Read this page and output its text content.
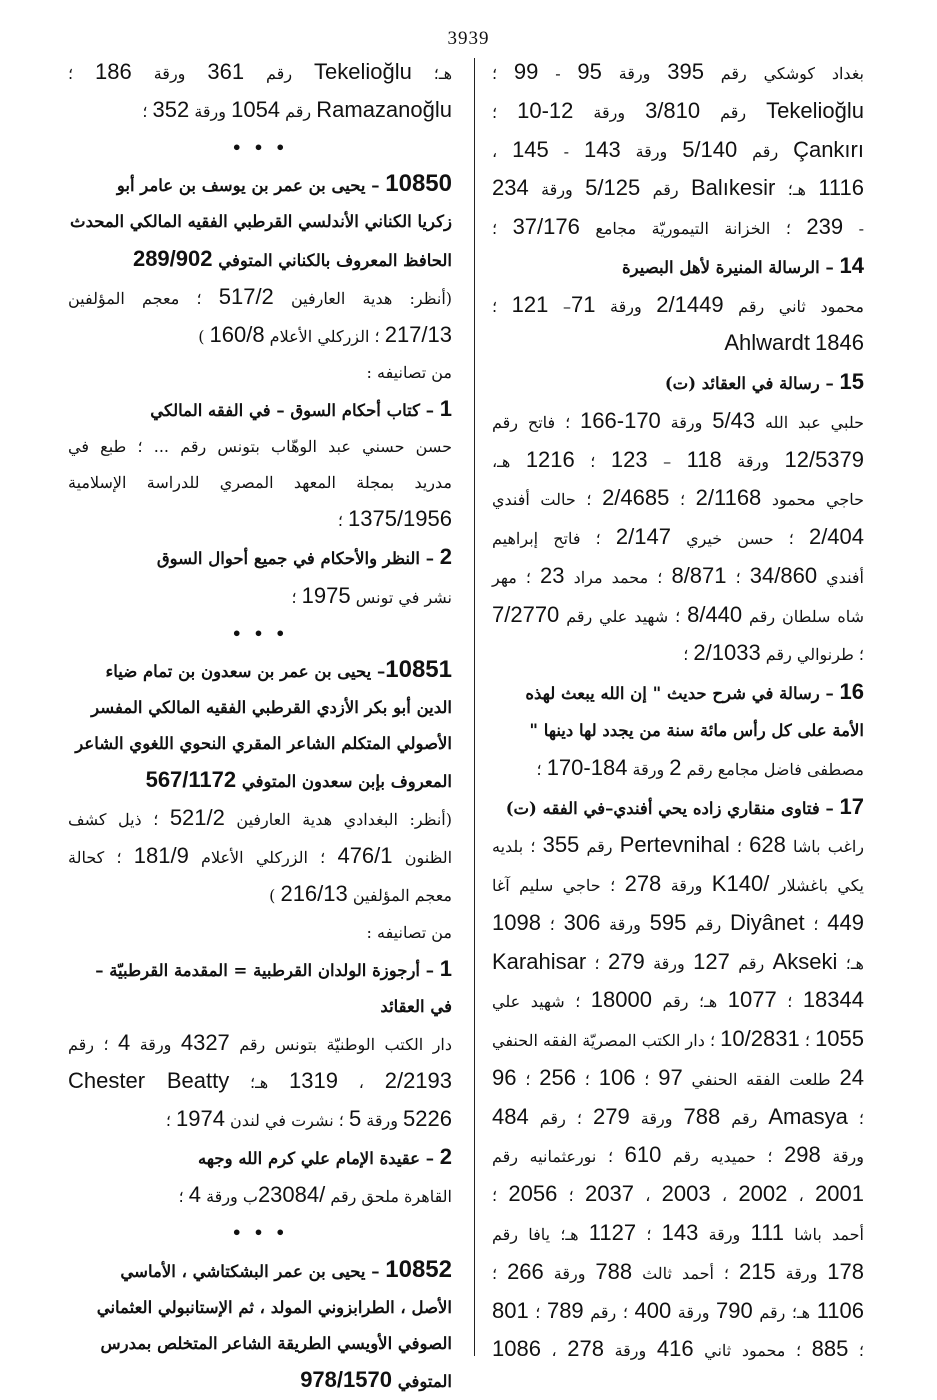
3939
بغداد كوشكي رقم 395 ورقة 95 - 99 ؛
Tekelioğlu رقم 3/810 ورقة 10-12 ؛
Çankırı رقم 5/140 ورقة 143 - 145 ،
1116 هـ؛ Balıkesir رقم 5/125 ورقة 234
- 239 ؛ الخزانة التيموريّة مجامع 37/176 ؛
14 – الرسالة المنيرة لأهل البصيرة
محمود ثاني رقم 2/1449 ورقة 71– 121 ؛
1846 Ahlwardt
15 – رسالة في العقائد (ت)
حلبي عبد الله 5/43 ورقة 166-170 ؛ فاتح رقم
12/5379 ورقة 118 – 123 ؛ 1216 هـ،
حاجي محمود 2/1168 ؛ 2/4685 ؛ حالت أفندي
2/404 ؛ حسن خيري 2/147 ؛ فاتح إبراهيم
أفندي 34/860 ؛ 8/871 ؛ محمد مراد 23 ؛ مهر
شاه سلطان رقم 8/440 ؛ شهيد علي رقم 7/2770
؛ طرنوالي رقم 2/1033 ؛
16 – رسالة في شرح حديث " إن الله يبعث لهذه
الأمة على كل رأس مائة سنة من يجدد لها دينها "
مصطفى فاضل مجامع رقم 2 ورقة 170-184 ؛
17 – فتاوى منقاري زاده يحي أفندي–في الفقه (ت)
راغب باشا 628 ؛ Pertevnihal رقم 355 ؛ بلديه
يكي باغشلار 140/K ورقة 278 ؛ حاجي سليم آغا
449 ؛ Diyânet رقم 595 ورقة 306 ؛ 1098
هـ؛ Akseki رقم 127 ورقة 279 ؛ Karahisar
18344 ؛ 1077 هـ؛ رقم 18000 ؛ شهيد علي
1055 ؛ 10/2831 ؛ دار الكتب المصريّة الفقه الحنفي
24 طلعت الفقه الحنفي 97 ؛ 106 ؛ 256 ؛ 96
؛ Amasya رقم 788 ورقة 279 ؛ رقم 484
ورقة 298 ؛ حميديه رقم 610 ؛ نورعثمانيه رقم
2001 ، 2002 ، 2003 ، 2037 ؛ 2056 ؛
أحمد باشا 111 ورقة 143 ؛ 1127 هـ؛ يافا رقم
178 ورقة 215 ؛ أحمد ثالث 788 ورقة 266 ؛
1106 هـ؛ رقم 790 ورقة 400 ؛ رقم 789 ؛ 801
؛ 885 ؛ محمود ثاني 416 ورقة 278 ، 1086
هـ؛ Tekelioğlu رقم 361 ورقة 186 ؛
Ramazanoğlu رقم 1054 ورقة 352 ؛
• • •
10850 – يحيى بن عمر بن يوسف بن عامر أبو
زكريا الكناني الأندلسي القرطبي الفقيه المالكي المحدث
الحافظ المعروف بالكناني المتوفي 289/902
(أنظر: هدية العارفين 517/2 ؛ معجم المؤلفين
217/13 ؛ الزركلي الأعلام 160/8 )
من تصانيفه :
1 – كتاب أحكام السوق – في الفقه المالكي
حسن حسني عبد الوهّاب بتونس رقم ... ؛ طبع في
مدريد بمجلة المعهد المصري للدراسة الإسلامية
1375/1956 ؛
2 – النظر والأحكام في جميع أحوال السوق
نشر في تونس 1975 ؛
• • •
10851– يحيى بن عمر بن سعدون بن تمام ضياء
الدين أبو بكر الأزدي القرطبي الفقيه المالكي المفسر
الأصولي المتكلم الشاعر المقري النحوي اللغوي الشاعر
المعروف بإبن سعدون المتوفي 567/1172
(أنظر: البغدادي هدية العارفين 521/2 ؛ ذيل كشف
الظنون 476/1 ؛ الزركلي الأعلام 181/9 ؛ كحالة
معجم المؤلفين 216/13 )
من تصانيفه :
1 – أرجوزة الولدان القرطبية = المقدمة القرطبيّة –
في العقائد
دار الكتب الوطنيّة بتونس رقم 4327 ورقة 4 ؛ رقم
2/2193 ، 1319 هـ؛ Chester Beatty
5226 ورقة 5 ؛ نشرت في لندن 1974 ؛
2 – عقيدة الإمام علي كرم الله وجهه
القاهرة ملحق رقم 23084/ب ورقة 4 ؛
• • •
10852 – يحيى بن عمر البشكتاشي ، الأماسي
الأصل ، الطرابزوني المولد ، ثم الإستانبولي العثماني
الصوفي الأويسي الطريقة الشاعر المتخلص بمدرس
المتوفي 978/1570
